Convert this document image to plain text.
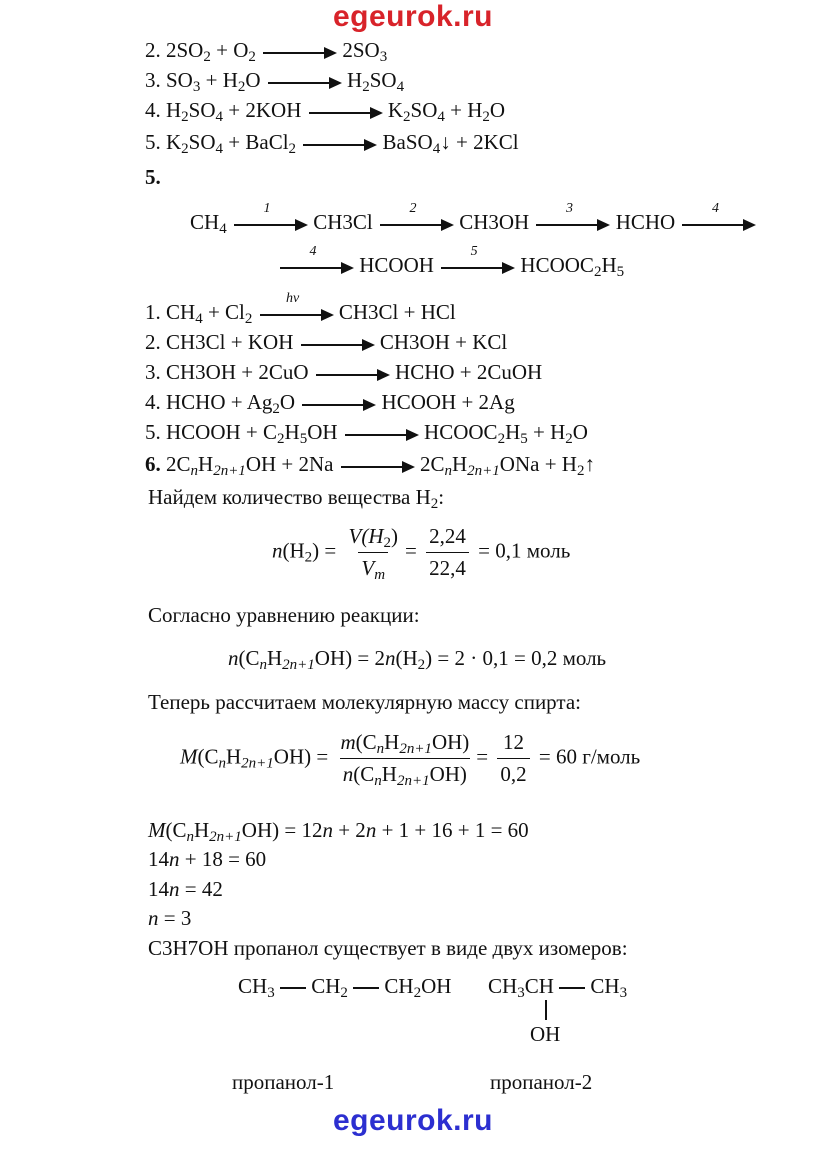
egeurok.ru
2. $2SO_2 + O_2$	$2SO_3$
3. $SO_3 + H_2O$	$H_2SO_4$
4. $H_2SO_4 + 2KOH$	$K_2SO_4 + H_2O$
5. $K_2SO_4$ + BaCl$_2$	BaSO$_4$↓ + 2KCl
5.
$CH_4$
1
CH3Cl
2
CH3OH
3
HCHO
4
4
HCOOH
5
$HCOOC_2H_5$
1. $CH_4 + Cl_2$
hν
CH3Cl + HCl
2. CH3Cl + KOH	CH3OH + KCl
3. CH3OH + 2CuO	HCHO + 2CuOH
4. HCHO + $Ag_2O$	HCOOH + 2Ag
5. HCOOH + $C_2H_5OH$	$HCOOC_2H_5 + H_2O$
6. $2C_nH_{2n+1}OH + 2Na$	$2C_nH_{2n+1}ONa$ + $H_2↑$
Найдем количество вещества $H_2$:
$n(H_2) = \frac{V(H_2)}{V_m} = \frac{2,24}{22,4} = 0,1$ моль
Согласно уравнению реакции:
$n(C_nH_{2n+1}OH) = 2n(H_2) = 2 \cdot 0,1 = 0,2$ моль
Теперь рассчитаем молекулярную массу спирта:
$M(C_nH_{2n+1}OH) = \frac{m(C_nH_{2n+1}OH)}{n(C_nH_{2n+1}OH)} = \frac{12}{0,2} = 60$ г/моль
$M(C_nH_{2n+1}OH) = 12n + 2n + 1 + 16 + 1 = 60$
14n + 18 = 60
14n = 42
n = 3
C3H7OH пропанол существует в виде двух изомеров:
$CH_3$ $CH_2$ $CH_2OH$ $CH_3CH$ $CH_3$
OH
пропанол-1	пропанол-2
egeurok.ru
